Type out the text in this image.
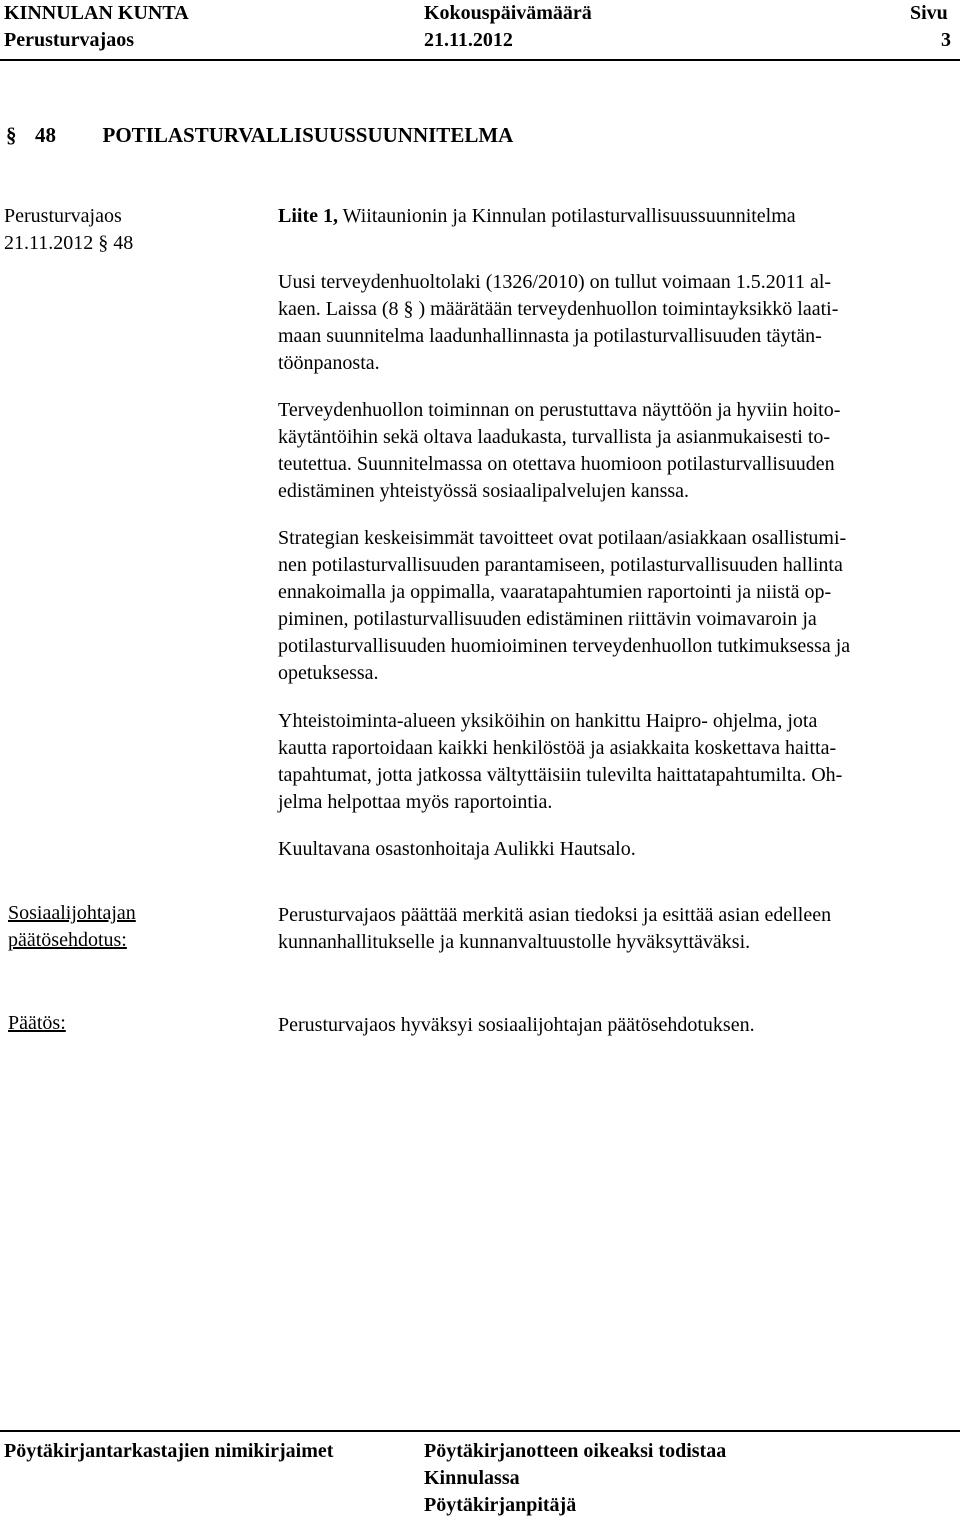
KINNULAN KUNTA
Perusturvajaos
Kokouspäivämäärä
21.11.2012
Sivu
3
§ 48 POTILASTURVALLISUUSSUUNNITELMA
Perusturvajaos
21.11.2012 § 48
Liite 1, Wiitaunionin ja Kinnulan potilasturvallisuussuunnitelma
Uusi terveydenhuoltolaki (1326/2010) on tullut voimaan 1.5.2011 al-
kaen. Laissa (8 § ) määrätään terveydenhuollon toimintayksikkö laati-
maan suunnitelma laadunhallinnasta ja potilasturvallisuuden täytän-
töönpanosta.
Terveydenhuollon toiminnan on perustuttava näyttöön ja hyviin hoito-
käytäntöihin sekä oltava laadukasta, turvallista ja asianmukaisesti to-
teutettua. Suunnitelmassa on otettava huomioon potilasturvallisuuden
edistäminen yhteistyössä sosiaalipalvelujen kanssa.
Strategian keskeisimmät tavoitteet ovat potilaan/asiakkaan osallistumi-
nen potilasturvallisuuden parantamiseen, potilasturvallisuuden hallinta
ennakoimalla ja oppimalla, vaaratapahtumien raportointi ja niistä op-
piminen, potilasturvallisuuden edistäminen riittävin voimavaroin ja
potilasturvallisuuden huomioiminen terveydenhuollon tutkimuksessa ja
opetuksessa.
Yhteistoiminta-alueen yksiköihin on hankittu Haipro- ohjelma, jota
kautta raportoidaan kaikki henkilöstöä ja asiakkaita koskettava haitta-
tapahtumat, jotta jatkossa vältyttäisiin tulevilta haittatapahtumilta. Oh-
jelma helpottaa myös raportointia.
Kuultavana osastonhoitaja Aulikki Hautsalo.
Sosiaalijohtajan
päätösehdotus:
Perusturvajaos päättää merkitä asian tiedoksi ja esittää asian edelleen
kunnanhallitukselle ja kunnanvaltuustolle hyväksyttäväksi.
Päätös:	Perusturvajaos hyväksyi sosiaalijohtajan päätösehdotuksen.
Pöytäkirjantarkastajien nimikirjaimet	Pöytäkirjanotteen oikeaksi todistaa
Kinnulassa
Pöytäkirjanpitäjä
